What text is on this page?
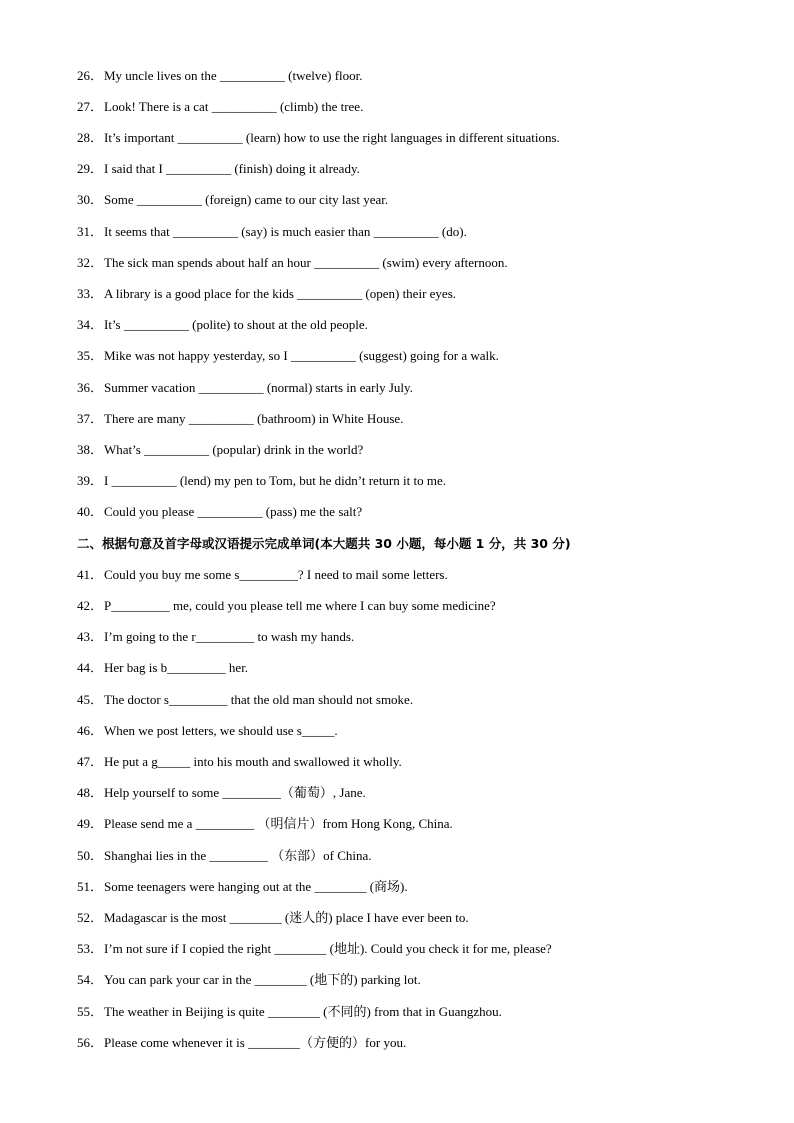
26．My uncle lives on the __________ (twelve) floor.
27．Look! There is a cat __________ (climb) the tree.
28．It’s important __________ (learn) how to use the right languages in different situations.
29．I said that I __________ (finish) doing it already.
30．Some __________ (foreign) came to our city last year.
31．It seems that __________ (say) is much easier than __________ (do).
32．The sick man spends about half an hour __________ (swim) every afternoon.
33．A library is a good place for the kids __________ (open) their eyes.
34．It’s __________ (polite) to shout at the old people.
35．Mike was not happy yesterday, so I __________ (suggest) going for a walk.
36．Summer vacation __________ (normal) starts in early July.
37．There are many __________ (bathroom) in White House.
38．What’s __________ (popular) drink in the world?
39．I __________ (lend) my pen to Tom, but he didn’t return it to me.
40．Could you please __________ (pass) me the salt?
二、根据句意及首字母或汉语提示完成单词(本大题共 30 小题，每小题 1 分，共 30 分)
41．Could you buy me some s_________? I need to mail some letters.
42．P_________ me, could you please tell me where I can buy some medicine?
43．I’m going to the r_________ to wash my hands.
44．Her bag is b_________ her.
45．The doctor s_________ that the old man should not smoke.
46．When we post letters, we should use s_____.
47．He put a g_____ into his mouth and swallowed it wholly.
48．Help yourself to some _________（葡萄）, Jane.
49．Please send me a _________ （明信片）from Hong Kong, China.
50．Shanghai lies in the _________ （东部）of China.
51．Some teenagers were hanging out at the ________ (商场).
52．Madagascar is the most ________ (迷人的) place I have ever been to.
53．I’m not sure if I copied the right ________ (地址). Could you check it for me, please?
54．You can park your car in the ________ (地下的) parking lot.
55．The weather in Beijing is quite ________ (不同的) from that in Guangzhou.
56．Please come whenever it is ________（方便的）for you.
